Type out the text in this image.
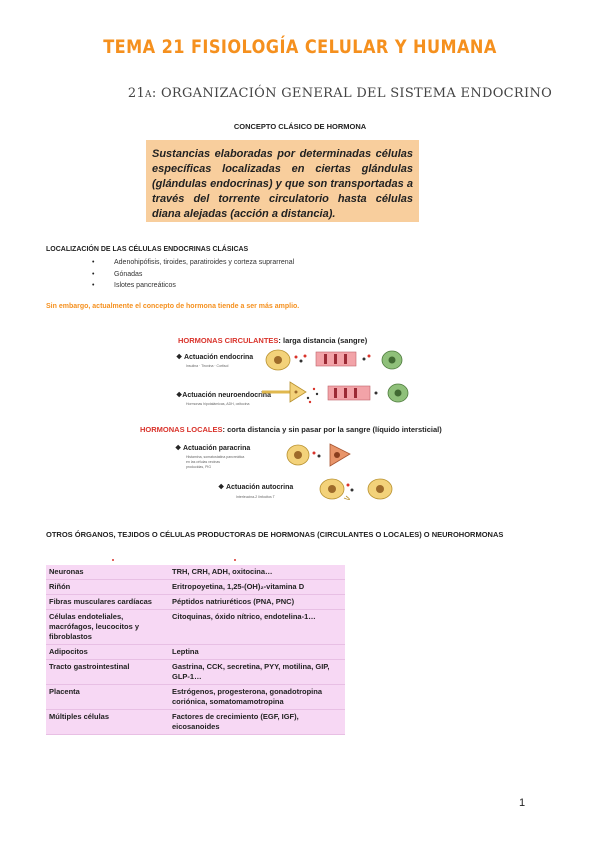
TEMA 21 FISIOLOGÍA CELULAR Y HUMANA
21a: ORGANIZACIÓN GENERAL DEL SISTEMA ENDOCRINO
CONCEPTO CLÁSICO DE HORMONA
Sustancias elaboradas por determinadas células específicas localizadas en ciertas glándulas (glándulas endocrinas) y que son transportadas a través del torrente circulatorio hasta células diana alejadas (acción a distancia).
LOCALIZACIÓN DE LAS CÉLULAS ENDOCRINAS CLÁSICAS
• Adenohipófisis, tiroides, paratiroides y corteza suprarrenal
• Gónadas
• Islotes pancreáticos
Sin embargo, actualmente el concepto de hormona tiende a ser más amplio.
HORMONAS CIRCULANTES: larga distancia (sangre)
❖ Actuación endocrina
Insulina · Tiroxina · Cortisol
❖Actuación neuroendocrina
Hormonas hipotalámicas, ADH, oxitocina
HORMONAS LOCALES: corta distancia y sin pasar por la sangre (líquido intersticial)
❖ Actuación paracrina
Histamina, somatostatina pancreática
en las células vecinas
producidas, PIG
❖ Actuación autocrina
Interleucina-2 linfocitos T
OTROS ÓRGANOS, TEJIDOS O CÉLULAS PRODUCTORAS DE HORMONAS (CIRCULANTES O LOCALES) O NEUROHORMONAS
Neuronas	TRH, CRH, ADH, oxitocina…
Riñón	Eritropoyetina, 1,25-(OH)₂-vitamina D
Fibras musculares cardíacas	Péptidos natriuréticos (PNA, PNC)
Células endoteliales, macrófagos, leucocitos y fibroblastos	Citoquinas, óxido nítrico, endotelina-1…
Adipocitos	Leptina
Tracto gastrointestinal	Gastrina, CCK, secretina, PYY, motilina, GIP, GLP-1…
Placenta	Estrógenos, progesterona, gonadotropina coriónica, somatomamotropina
Múltiples células	Factores de crecimiento (EGF, IGF), eicosanoides
1
